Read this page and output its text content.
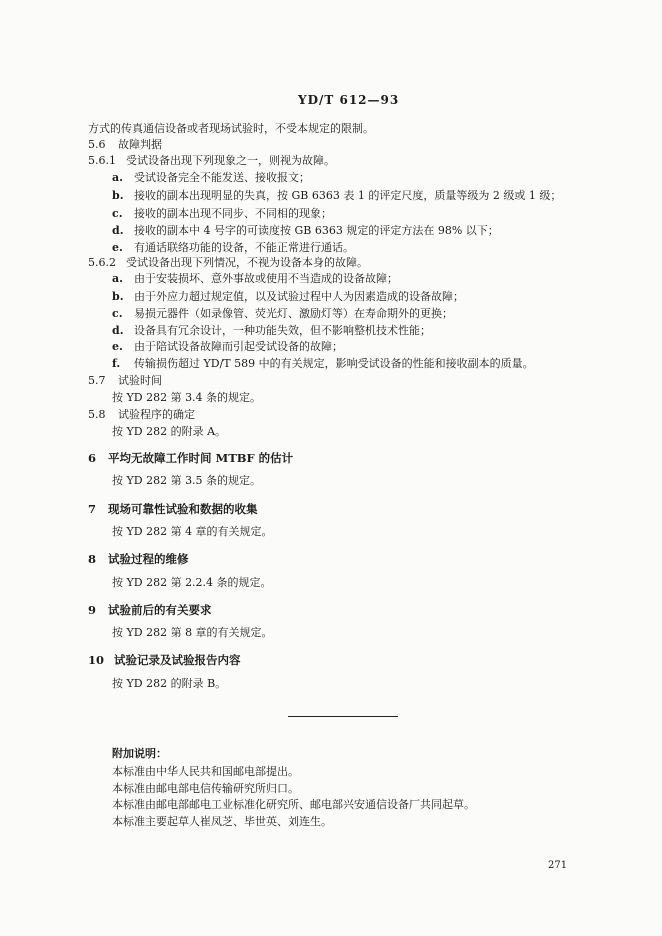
YD/T 612—93
方式的传真通信设备或者现场试验时，不受本规定的限制。
5.6 故障判据
5.6.1 受试设备出现下列现象之一，则视为故障。
a. 受试设备完全不能发送、接收报文；
b. 接收的副本出现明显的失真，按 GB 6363 表 1 的评定尺度，质量等级为 2 级或 1 级；
c. 接收的副本出现不同步、不同相的现象；
d. 接收的副本中 4 号字的可读度按 GB 6363 规定的评定方法在 98% 以下；
e. 有通话联络功能的设备，不能正常进行通话。
5.6.2 受试设备出现下列情况，不视为设备本身的故障。
a. 由于安装损坏、意外事故或使用不当造成的设备故障；
b. 由于外应力超过规定值，以及试验过程中人为因素造成的设备故障；
c. 易损元器件（如录像管、荧光灯、激励灯等）在寿命期外的更换；
d. 设备具有冗余设计，一种功能失效，但不影响整机技术性能；
e. 由于陪试设备故障而引起受试设备的故障；
f. 传输损伤超过 YD/T 589 中的有关规定，影响受试设备的性能和接收副本的质量。
5.7 试验时间
按 YD 282 第 3.4 条的规定。
5.8 试验程序的确定
按 YD 282 的附录 A。
6 平均无故障工作时间 MTBF 的估计
按 YD 282 第 3.5 条的规定。
7 现场可靠性试验和数据的收集
按 YD 282 第 4 章的有关规定。
8 试验过程的维修
按 YD 282 第 2.2.4 条的规定。
9 试验前后的有关要求
按 YD 282 第 8 章的有关规定。
10 试验记录及试验报告内容
按 YD 282 的附录 B。
附加说明：
本标准由中华人民共和国邮电部提出。
本标准由邮电部电信传输研究所归口。
本标准由邮电部邮电工业标准化研究所、邮电部兴安通信设备厂共同起草。
本标准主要起草人崔凤芝、毕世英、刘连生。
271
